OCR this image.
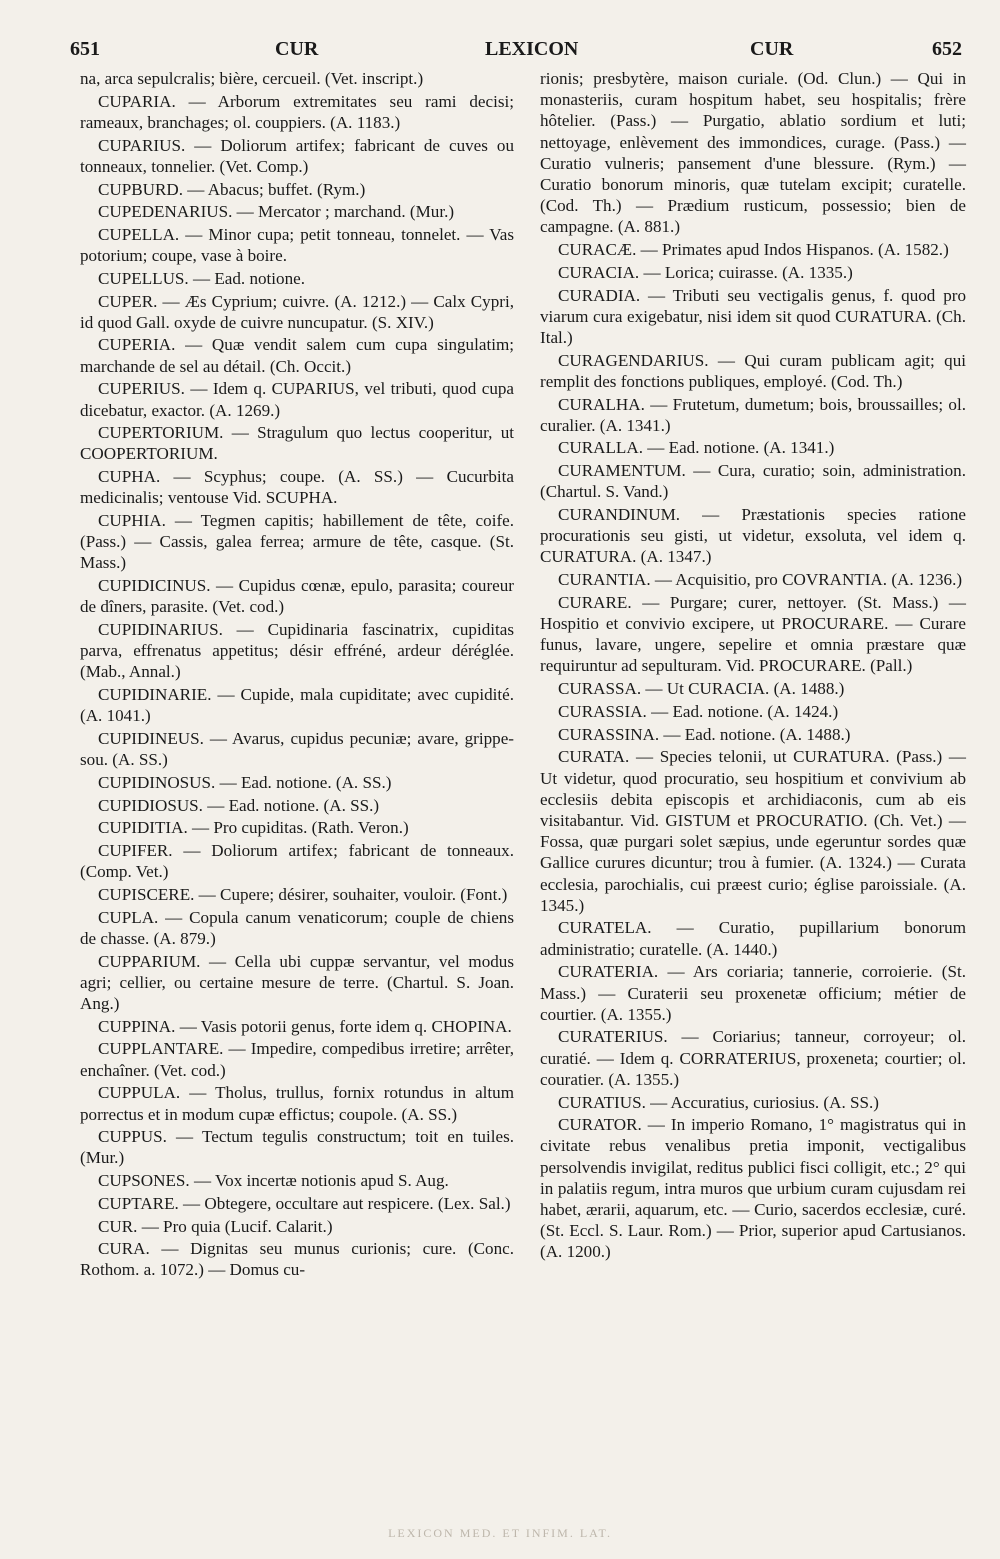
651	CUR	LEXICON	CUR	652

na, arca sepulcralis; bière, cercueil. (Vet. inscript.)

CUPARIA. — Arborum extremitates seu rami decisi; rameaux, branchages; ol. couppiers. (A. 1183.)

CUPARIUS. — Doliorum artifex; fabricant de cuves ou tonneaux, tonnelier. (Vet. Comp.)

CUPBURD. — Abacus; buffet. (Rym.)

CUPEDENARIUS. — Mercator ; marchand. (Mur.)

CUPELLA. — Minor cupa; petit tonneau, tonnelet. — Vas potorium; coupe, vase à boire.

CUPELLUS. — Ead. notione.

CUPER. — Æs Cyprium; cuivre. (A. 1212.) — Calx Cypri, id quod Gall. oxyde de cuivre nuncupatur. (S. XIV.)

CUPERIA. — Quæ vendit salem cum cupa singulatim; marchande de sel au détail. (Ch. Occit.)

CUPERIUS. — Idem q. CUPARIUS, vel tributi, quod cupa dicebatur, exactor. (A. 1269.)

CUPERTORIUM. — Stragulum quo lectus cooperitur, ut COOPERTORIUM.

CUPHA. — Scyphus; coupe. (A. SS.) — Cucurbita medicinalis; ventouse Vid. SCUPHA.

CUPHIA. — Tegmen capitis; habillement de tête, coife. (Pass.) — Cassis, galea ferrea; armure de tête, casque. (St. Mass.)

CUPIDICINUS. — Cupidus cœnæ, epulo, parasita; coureur de dîners, parasite. (Vet. cod.)

CUPIDINARIUS. — Cupidinaria fascinatrix, cupiditas parva, effrenatus appetitus; désir effréné, ardeur déréglée. (Mab., Annal.)

CUPIDINARIE. — Cupide, mala cupiditate; avec cupidité. (A. 1041.)

CUPIDINEUS. — Avarus, cupidus pecuniæ; avare, grippe-sou. (A. SS.)

CUPIDINOSUS. — Ead. notione. (A. SS.)

CUPIDIOSUS. — Ead. notione. (A. SS.)

CUPIDITIA. — Pro cupiditas. (Rath. Veron.)

CUPIFER. — Doliorum artifex; fabricant de tonneaux. (Comp. Vet.)

CUPISCERE. — Cupere; désirer, souhaiter, vouloir. (Font.)

CUPLA. — Copula canum venaticorum; couple de chiens de chasse. (A. 879.)

CUPPARIUM. — Cella ubi cuppæ servantur, vel modus agri; cellier, ou certaine mesure de terre. (Chartul. S. Joan. Ang.)

CUPPINA. — Vasis potorii genus, forte idem q. CHOPINA.

CUPPLANTARE. — Impedire, compedibus irretire; arrêter, enchaîner. (Vet. cod.)

CUPPULA. — Tholus, trullus, fornix rotundus in altum porrectus et in modum cupæ effictus; coupole. (A. SS.)

CUPPUS. — Tectum tegulis constructum; toit en tuiles. (Mur.)

CUPSONES. — Vox incertæ notionis apud S. Aug.

CUPTARE. — Obtegere, occultare aut respicere. (Lex. Sal.)

CUR. — Pro quia (Lucif. Calarit.)

CURA. — Dignitas seu munus curionis; cure. (Conc. Rothom. a. 1072.) — Domus cu-

rionis; presbytère, maison curiale. (Od. Clun.) — Qui in monasteriis, curam hospitum habet, seu hospitalis; frère hôtelier. (Pass.) — Purgatio, ablatio sordium et luti; nettoyage, enlèvement des immondices, curage. (Pass.) — Curatio vulneris; pansement d'une blessure. (Rym.) — Curatio bonorum minoris, quæ tutelam excipit; curatelle. (Cod. Th.) — Prædium rusticum, possessio; bien de campagne. (A. 881.)

CURACÆ. — Primates apud Indos Hispanos. (A. 1582.)

CURACIA. — Lorica; cuirasse. (A. 1335.)

CURADIA. — Tributi seu vectigalis genus, f. quod pro viarum cura exigebatur, nisi idem sit quod CURATURA. (Ch. Ital.)

CURAGENDARIUS. — Qui curam publicam agit; qui remplit des fonctions publiques, employé. (Cod. Th.)

CURALHA. — Frutetum, dumetum; bois, broussailles; ol. curalier. (A. 1341.)

CURALLA. — Ead. notione. (A. 1341.)

CURAMENTUM. — Cura, curatio; soin, administration. (Chartul. S. Vand.)

CURANDINUM. — Præstationis species ratione procurationis seu gisti, ut videtur, exsoluta, vel idem q. CURATURA. (A. 1347.)

CURANTIA. — Acquisitio, pro COVRANTIA. (A. 1236.)

CURARE. — Purgare; curer, nettoyer. (St. Mass.) — Hospitio et convivio excipere, ut PROCURARE. — Curare funus, lavare, ungere, sepelire et omnia præstare quæ requiruntur ad sepulturam. Vid. PROCURARE. (Pall.)

CURASSA. — Ut CURACIA. (A. 1488.)

CURASSIA. — Ead. notione. (A. 1424.)

CURASSINA. — Ead. notione. (A. 1488.)

CURATA. — Species telonii, ut CURATURA. (Pass.) — Ut videtur, quod procuratio, seu hospitium et convivium ab ecclesiis debita episcopis et archidiaconis, cum ab eis visitabantur. Vid. GISTUM et PROCURATIO. (Ch. Vet.) — Fossa, quæ purgari solet sæpius, unde egeruntur sordes quæ Gallice curures dicuntur; trou à fumier. (A. 1324.) — Curata ecclesia, parochialis, cui præest curio; église paroissiale. (A. 1345.)

CURATELA. — Curatio, pupillarium bonorum administratio; curatelle. (A. 1440.)

CURATERIA. — Ars coriaria; tannerie, corroierie. (St. Mass.) — Curaterii seu proxenetæ officium; métier de courtier. (A. 1355.)

CURATERIUS. — Coriarius; tanneur, corroyeur; ol. curatié. — Idem q. CORRATERIUS, proxeneta; courtier; ol. couratier. (A. 1355.)

CURATIUS. — Accuratius, curiosius. (A. SS.)

CURATOR. — In imperio Romano, 1° magistratus qui in civitate rebus venalibus pretia imponit, vectigalibus persolvendis invigilat, reditus publici fisci colligit, etc.; 2° qui in palatiis regum, intra muros que urbium curam cujusdam rei habet, ærarii, aquarum, etc. — Curio, sacerdos ecclesiæ, curé. (St. Eccl. S. Laur. Rom.) — Prior, superior apud Cartusianos. (A. 1200.)

LEXICON MED. ET INFIM. LAT.
